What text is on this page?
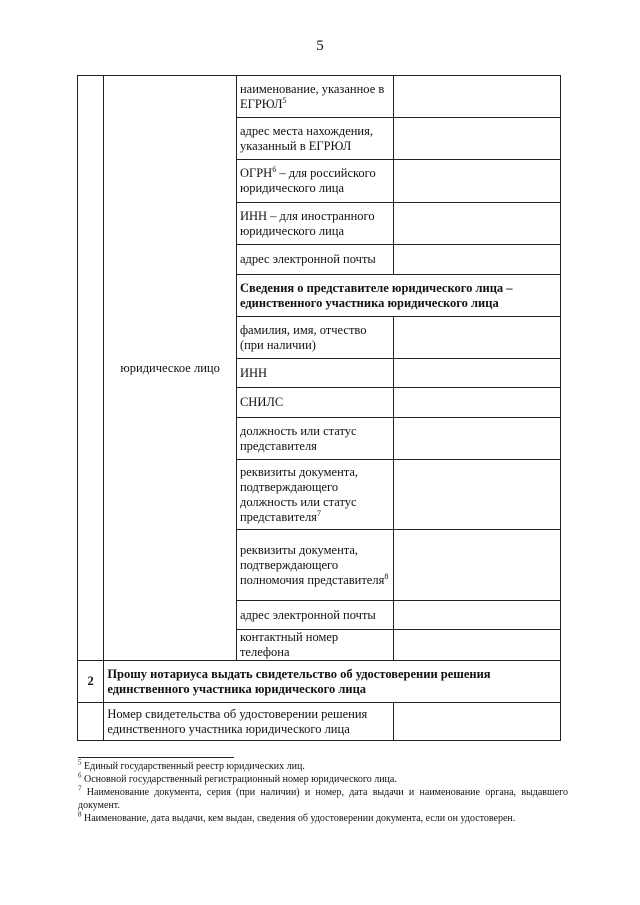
5
	юридическое лицо	наименование, указанное в ЕГРЮЛ$^5$	
		адрес места нахождения, указанный в ЕГРЮЛ	
		ОГРН$^6$ – для российского юридического лица	
		ИНН – для иностранного юридического лица	
		адрес электронной почты	
		Сведения о представителе юридического лица – единственного участника юридического лица	
		фамилия, имя, отчество (при наличии)	
		ИНН	
		СНИЛС	
		должность или статус представителя	
		реквизиты документа, подтверждающего должность или статус представителя$^7$	
		реквизиты документа, подтверждающего полномочия представителя$^8$	
		адрес электронной почты	
		контактный номер телефона	
2	Прошу нотариуса выдать свидетельство об удостоверении решения единственного участника юридического лица		
	Номер свидетельства об удостоверении решения единственного участника юридического лица		

$^5$ Единый государственный реестр юридических лиц.

$^6$ Основной государственный регистрационный номер юридического лица.

$^7$ Наименование документа, серия (при наличии) и номер, дата выдачи и наименование органа, выдавшего документ.

$^8$ Наименование, дата выдачи, кем выдан, сведения об удостоверении документа, если он удостоверен.
